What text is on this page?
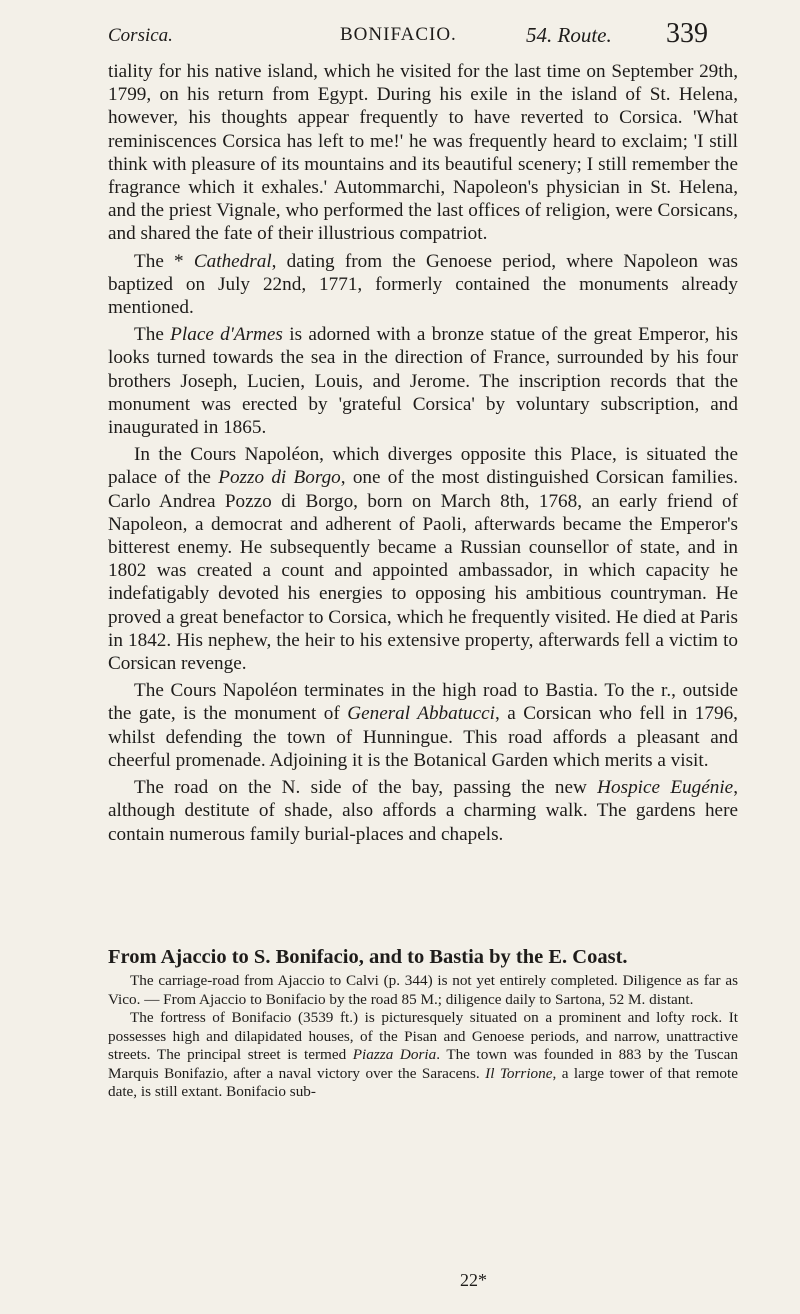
Corsica.	BONIFACIO.	54. Route. 339

tiality for his native island, which he visited for the last time on September 29th, 1799, on his return from Egypt. During his exile in the island of St. Helena, however, his thoughts appear frequently to have reverted to Corsica. 'What reminiscences Corsica has left to me!' he was frequently heard to exclaim; 'I still think with pleasure of its mountains and its beautiful scenery; I still remember the fragrance which it exhales.' Autommarchi, Napoleon's physician in St. Helena, and the priest Vignale, who performed the last offices of religion, were Corsicans, and shared the fate of their illustrious compatriot.

The * Cathedral, dating from the Genoese period, where Napoleon was baptized on July 22nd, 1771, formerly contained the monuments already mentioned.

The Place d'Armes is adorned with a bronze statue of the great Emperor, his looks turned towards the sea in the direction of France, surrounded by his four brothers Joseph, Lucien, Louis, and Jerome. The inscription records that the monument was erected by 'grateful Corsica' by voluntary subscription, and inaugurated in 1865.

In the Cours Napoléon, which diverges opposite this Place, is situated the palace of the Pozzo di Borgo, one of the most distinguished Corsican families. Carlo Andrea Pozzo di Borgo, born on March 8th, 1768, an early friend of Napoleon, a democrat and adherent of Paoli, afterwards became the Emperor's bitterest enemy. He subsequently became a Russian counsellor of state, and in 1802 was created a count and appointed ambassador, in which capacity he indefatigably devoted his energies to opposing his ambitious countryman. He proved a great benefactor to Corsica, which he frequently visited. He died at Paris in 1842. His nephew, the heir to his extensive property, afterwards fell a victim to Corsican revenge.

The Cours Napoléon terminates in the high road to Bastia. To the r., outside the gate, is the monument of General Abbatucci, a Corsican who fell in 1796, whilst defending the town of Hunningue. This road affords a pleasant and cheerful promenade. Adjoining it is the Botanical Garden which merits a visit.

The road on the N. side of the bay, passing the new Hospice Eugénie, although destitute of shade, also affords a charming walk. The gardens here contain numerous family burial-places and chapels.

From Ajaccio to S. Bonifacio, and to Bastia by the E. Coast.

The carriage-road from Ajaccio to Calvi (p. 344) is not yet entirely completed. Diligence as far as Vico. — From Ajaccio to Bonifacio by the road 85 M.; diligence daily to Sartona, 52 M. distant.

The fortress of Bonifacio (3539 ft.) is picturesquely situated on a prominent and lofty rock. It possesses high and dilapidated houses, of the Pisan and Genoese periods, and narrow, unattractive streets. The principal street is termed Piazza Doria. The town was founded in 883 by the Tuscan Marquis Bonifazio, after a naval victory over the Saracens. Il Torrione, a large tower of that remote date, is still extant. Bonifacio sub-

22*
